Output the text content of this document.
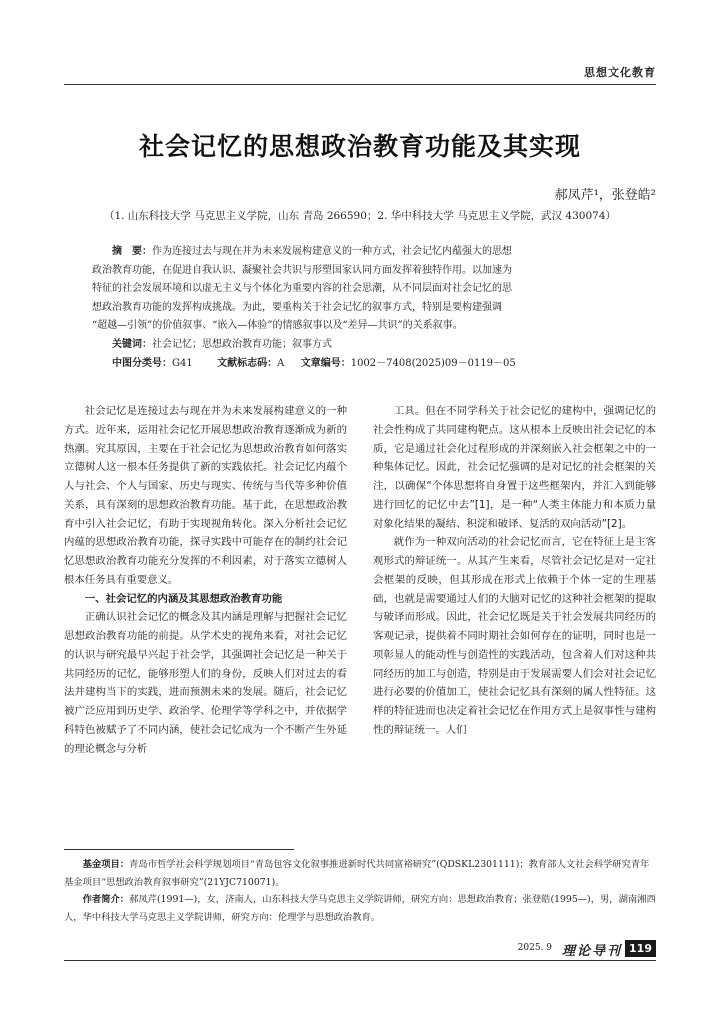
思想文化教育
社会记忆的思想政治教育功能及其实现
郝凤芹¹，张登皓²
（1. 山东科技大学 马克思主义学院，山东 青岛 266590；2. 华中科技大学 马克思主义学院，武汉 430074）
摘　要：作为连接过去与现在并为未来发展构建意义的一种方式，社会记忆内蕴强大的思想
政治教育功能，在促进自我认识、凝聚社会共识与形塑国家认同方面发挥着独特作用。以加速为
特征的社会发展环境和以虚无主义与个体化为重要内容的社会思潮，从不同层面对社会记忆的思
想政治教育功能的发挥构成挑战。为此，要重构关于社会记忆的叙事方式，特别是要构建强调
“超越—引领”的价值叙事、“嵌入—体验”的情感叙事以及“差异—共识”的关系叙事。
关键词：社会记忆；思想政治教育功能；叙事方式
中图分类号：G41 文献标志码：A 文章编号：1002－7408(2025)09－0119－05

社会记忆是连接过去与现在并为未来发展构建意义的一种方式。近年来，运用社会记忆开展思想政治教育逐渐成为新的热潮。究其原因，主要在于社会记忆为思想政治教育如何落实立德树人这一根本任务提供了新的实践依托。社会记忆内蕴个人与社会、个人与国家、历史与现实、传统与当代等多种价值关系，具有深刻的思想政治教育功能。基于此，在思想政治教育中引入社会记忆，有助于实现视角转化。深入分析社会记忆内蕴的思想政治教育功能，探寻实践中可能存在的制约社会记忆思想政治教育功能充分发挥的不利因素，对于落实立德树人根本任务具有重要意义。

一、社会记忆的内涵及其思想政治教育功能

正确认识社会记忆的概念及其内涵是理解与把握社会记忆思想政治教育功能的前提。从学术史的视角来看，对社会记忆的认识与研究最早兴起于社会学，其强调社会记忆是一种关于共同经历的记忆，能够形塑人们的身份，反映人们对过去的看法并建构当下的实践，进而预测未来的发展。随后，社会记忆被广泛应用到历史学、政治学、伦理学等学科之中，并依据学科特色被赋予了不同内涵，使社会记忆成为一个不断产生外延的理论概念与分析

工具。但在不同学科关于社会记忆的建构中，强调记忆的社会性构成了共同建构靶点。这从根本上反映出社会记忆的本质，它是通过社会化过程形成的并深刻嵌入社会框架之中的一种集体记忆。因此，社会记忆强调的是对记忆的社会框架的关注，以确保“个体思想将自身置于这些框架内，并汇入到能够进行回忆的记忆中去”[1]，是一种“人类主体能力和本质力量对象化结果的凝结、积淀和破译、复活的双向活动”[2]。

就作为一种双向活动的社会记忆而言，它在特征上是主客观形式的辩证统一。从其产生来看，尽管社会记忆是对一定社会框架的反映，但其形成在形式上依赖于个体一定的生理基础，也就是需要通过人们的大脑对记忆的这种社会框架的提取与破译而形成。因此，社会记忆既是关于社会发展共同经历的客观记录，提供着不同时期社会如何存在的证明，同时也是一项彰显人的能动性与创造性的实践活动，包含着人们对这种共同经历的加工与创造，特别是由于发展需要人们会对社会记忆进行必要的价值加工，使社会记忆具有深刻的属人性特征。这样的特征进而也决定着社会记忆在作用方式上是叙事性与建构性的辩证统一。人们

基金项目：青岛市哲学社会科学规划项目“青岛包容文化叙事推进新时代共同富裕研究”(QDSKL2301111)；教育部人文社会科学研究青年基金项目“思想政治教育叙事研究”(21YJC710071)。

作者简介：郝凤芹(1991—)，女，济南人，山东科技大学马克思主义学院讲师，研究方向：思想政治教育；张登皓(1995—)，男，湖南湘西人，华中科技大学马克思主义学院讲师，研究方向：伦理学与思想政治教育。

2025. 9 理论导刊 119
